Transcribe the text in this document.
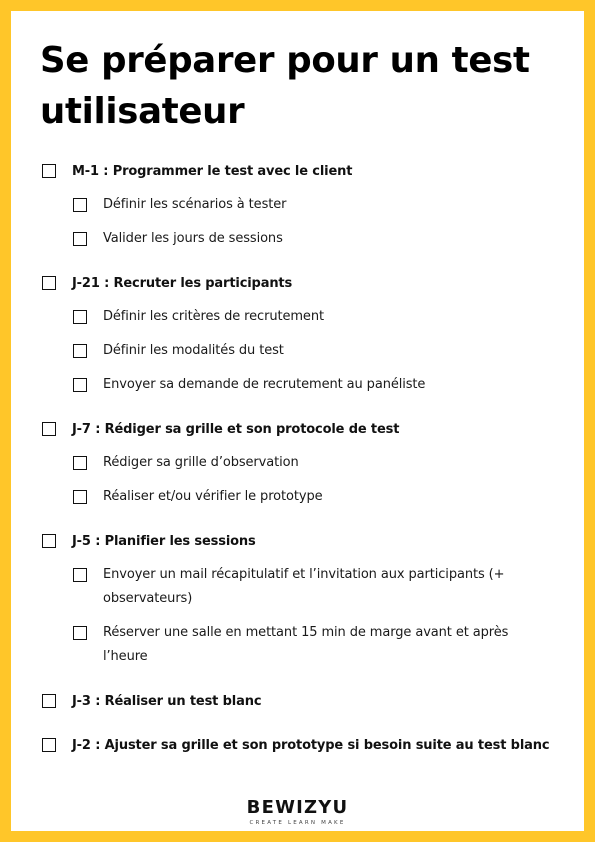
Se préparer pour un test utilisateur
M-1 : Programmer le test avec le client
Définir les scénarios à tester
Valider les jours de sessions
J-21 : Recruter les participants
Définir les critères de recrutement
Définir les modalités du test
Envoyer sa demande de recrutement au panéliste
J-7 : Rédiger sa grille et son protocole de test
Rédiger sa grille d’observation
Réaliser et/ou vérifier le prototype
J-5 : Planifier les sessions
Envoyer un mail récapitulatif et l’invitation aux participants (+ observateurs)
Réserver une salle en mettant 15 min de marge avant et après l’heure
J-3 : Réaliser un test blanc
J-2 : Ajuster sa grille et son prototype si besoin suite au test blanc
BEWIZYU
CREATE LEARN MAKE
